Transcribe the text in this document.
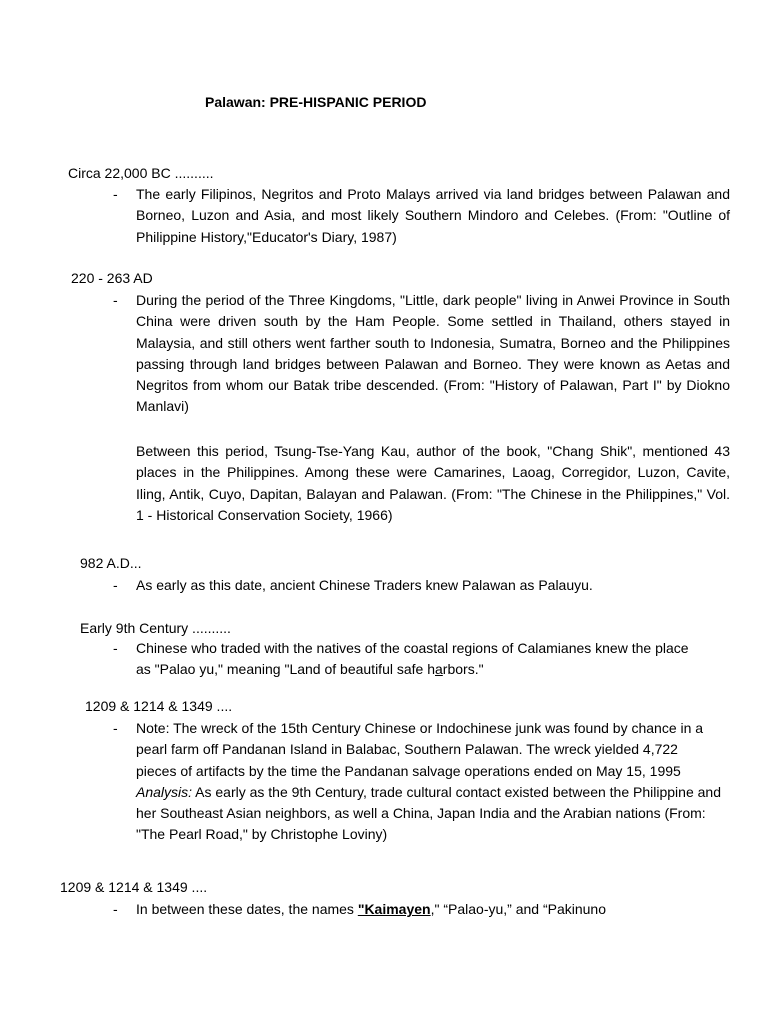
Palawan: PRE-HISPANIC PERIOD
Circa 22,000 BC ..........
- The early Filipinos, Negritos and Proto Malays arrived via land bridges between Palawan and Borneo, Luzon and Asia, and most likely Southern Mindoro and Celebes. (From: "Outline of Philippine History,"Educator's Diary, 1987)
220 - 263 AD
- During the period of the Three Kingdoms, "Little, dark people" living in Anwei Province in South China were driven south by the Ham People. Some settled in Thailand, others stayed in Malaysia, and still others went farther south to Indonesia, Sumatra, Borneo and the Philippines passing through land bridges between Palawan and Borneo. They were known as Aetas and Negritos from whom our Batak tribe descended. (From: "History of Palawan, Part I" by Diokno Manlavi)
Between this period, Tsung-Tse-Yang Kau, author of the book, "Chang Shik", mentioned 43 places in the Philippines. Among these were Camarines, Laoag, Corregidor, Luzon, Cavite, Iling, Antik, Cuyo, Dapitan, Balayan and Palawan. (From: "The Chinese in the Philippines," Vol. 1 - Historical Conservation Society, 1966)
982 A.D...
- As early as this date, ancient Chinese Traders knew Palawan as Palauyu.
Early 9th Century ..........
- Chinese who traded with the natives of the coastal regions of Calamianes knew the place as "Palao yu," meaning "Land of beautiful safe harbors."
1209 & 1214 & 1349 ....
- Note: The wreck of the 15th Century Chinese or Indochinese junk was found by chance in a pearl farm off Pandanan Island in Balabac, Southern Palawan. The wreck yielded 4,722 pieces of artifacts by the time the Pandanan salvage operations ended on May 15, 1995 Analysis: As early as the 9th Century, trade cultural contact existed between the Philippine and her Southeast Asian neighbors, as well a China, Japan India and the Arabian nations (From: "The Pearl Road," by Christophe Loviny)
1209 & 1214 & 1349 ....
- In between these dates, the names "Kaimayen," “Palao-yu,” and “Pakinuno
